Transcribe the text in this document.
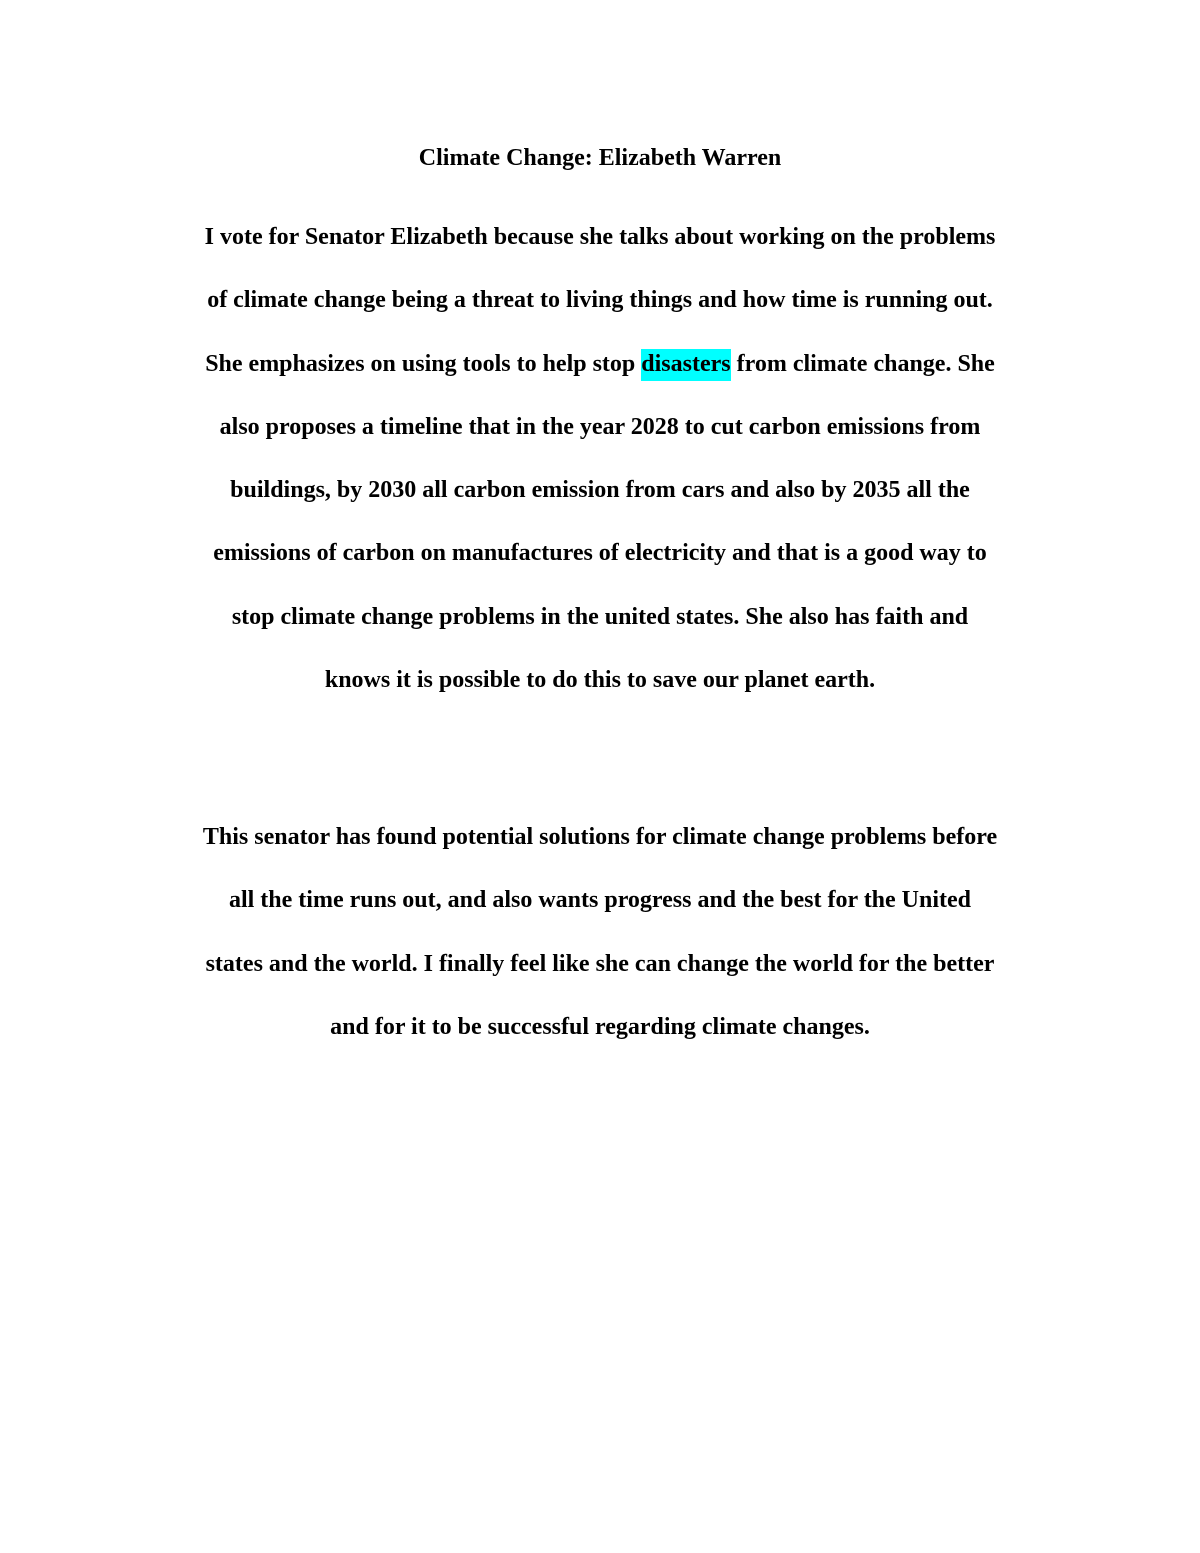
Climate Change: Elizabeth Warren

I vote for Senator Elizabeth because she talks about working on the problems
of climate change being a threat to living things and how time is running out.
She emphasizes on using tools to help stop disasters from climate change. She
also proposes a timeline that in the year 2028 to cut carbon emissions from
buildings, by 2030 all carbon emission from cars and also by 2035 all the
emissions of carbon on manufactures of electricity and that is a good way to
stop climate change problems in the united states. She also has faith and
knows it is possible to do this to save our planet earth.

This senator has found potential solutions for climate change problems before
all the time runs out, and also wants progress and the best for the United
states and the world. I finally feel like she can change the world for the better
and for it to be successful regarding climate changes.
